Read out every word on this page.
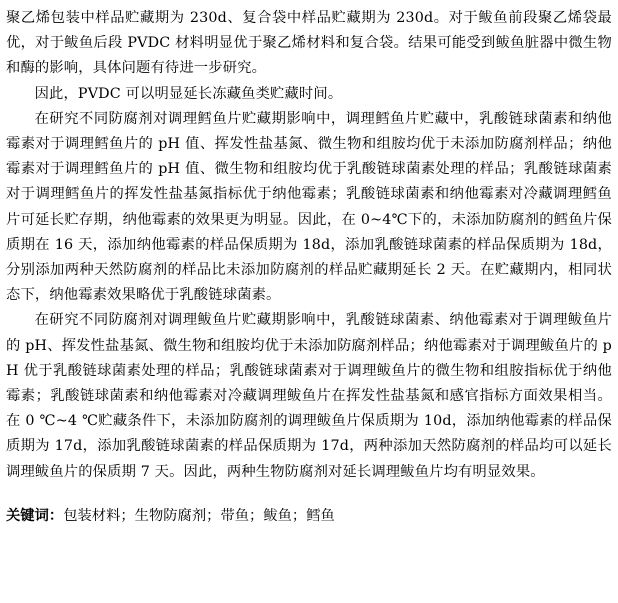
聚乙烯包装中样品贮藏期为 230d、复合袋中样品贮藏期为 230d。对于鲅鱼前段聚乙烯袋最优，对于鲅鱼后段 PVDC 材料明显优于聚乙烯材料和复合袋。结果可能受到鲅鱼脏器中微生物和酶的影响，具体问题有待进一步研究。

因此，PVDC 可以明显延长冻藏鱼类贮藏时间。

在研究不同防腐剂对调理鳕鱼片贮藏期影响中，调理鳕鱼片贮藏中，乳酸链球菌素和纳他霉素对于调理鳕鱼片的 pH 值、挥发性盐基氮、微生物和组胺均优于未添加防腐剂样品；纳他霉素对于调理鳕鱼片的 pH 值、微生物和组胺均优于乳酸链球菌素处理的样品；乳酸链球菌素对于调理鳕鱼片的挥发性盐基氮指标优于纳他霉素；乳酸链球菌素和纳他霉素对冷藏调理鳕鱼片可延长贮存期，纳他霉素的效果更为明显。因此，在 0~4℃下的，未添加防腐剂的鳕鱼片保质期在 16 天，添加纳他霉素的样品保质期为 18d，添加乳酸链球菌素的样品保质期为 18d，分别添加两种天然防腐剂的样品比未添加防腐剂的样品贮藏期延长 2 天。在贮藏期内，相同状态下，纳他霉素效果略优于乳酸链球菌素。

在研究不同防腐剂对调理鲅鱼片贮藏期影响中，乳酸链球菌素、纳他霉素对于调理鲅鱼片的 pH、挥发性盐基氮、微生物和组胺均优于未添加防腐剂样品；纳他霉素对于调理鲅鱼片的 pH 优于乳酸链球菌素处理的样品；乳酸链球菌素对于调理鲅鱼片的微生物和组胺指标优于纳他霉素；乳酸链球菌素和纳他霉素对冷藏调理鲅鱼片在挥发性盐基氮和感官指标方面效果相当。在 0 ℃~4 ℃贮藏条件下，未添加防腐剂的调理鲅鱼片保质期为 10d，添加纳他霉素的样品保质期为 17d，添加乳酸链球菌素的样品保质期为 17d，两种添加天然防腐剂的样品均可以延长调理鲅鱼片的保质期 7 天。因此，两种生物防腐剂对延长调理鲅鱼片均有明显效果。

关键词：包装材料；生物防腐剂；带鱼；鲅鱼；鳕鱼
